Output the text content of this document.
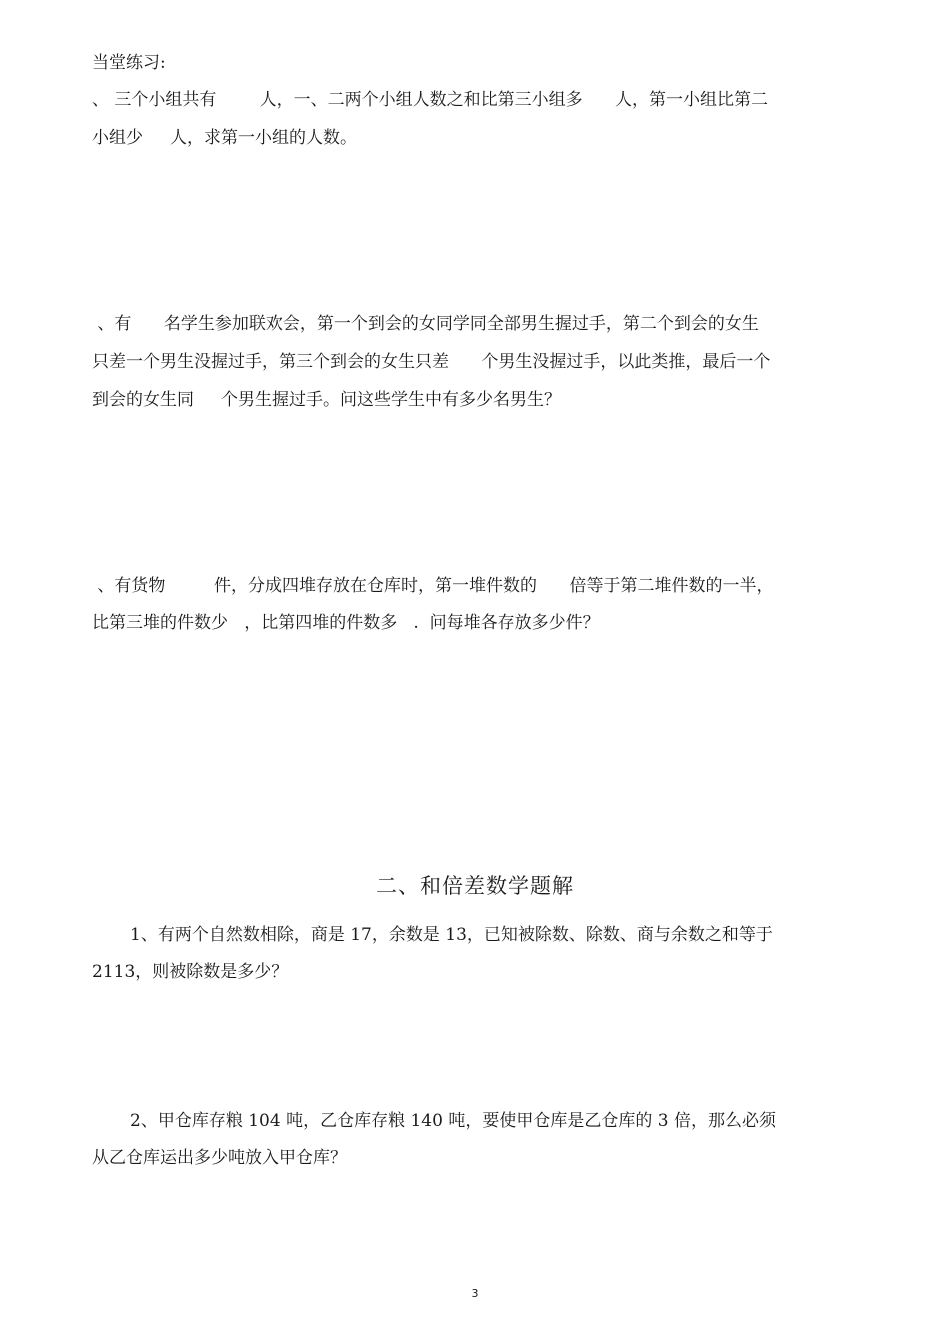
当堂练习:
、 三个小组共有        人，一、二两个小组人数之和比第三小组多      人，第一小组比第二
小组少     人，求第一小组的人数。
、有      名学生参加联欢会，第一个到会的女同学同全部男生握过手，第二个到会的女生
只差一个男生没握过手，第三个到会的女生只差      个男生没握过手，以此类推，最后一个
到会的女生同     个男生握过手。问这些学生中有多少名男生？
、有货物         件，分成四堆存放在仓库时，第一堆件数的      倍等于第二堆件数的一半，
比第三堆的件数少   ，比第四堆的件数多   .  问每堆各存放多少件？
二、和倍差数学题解
1、有两个自然数相除，商是 17，余数是 13，已知被除数、除数、商与余数之和等于
2113，则被除数是多少？
2、甲仓库存粮 104 吨，乙仓库存粮 140 吨，要使甲仓库是乙仓库的 3 倍，那么必须
从乙仓库运出多少吨放入甲仓库？
3
